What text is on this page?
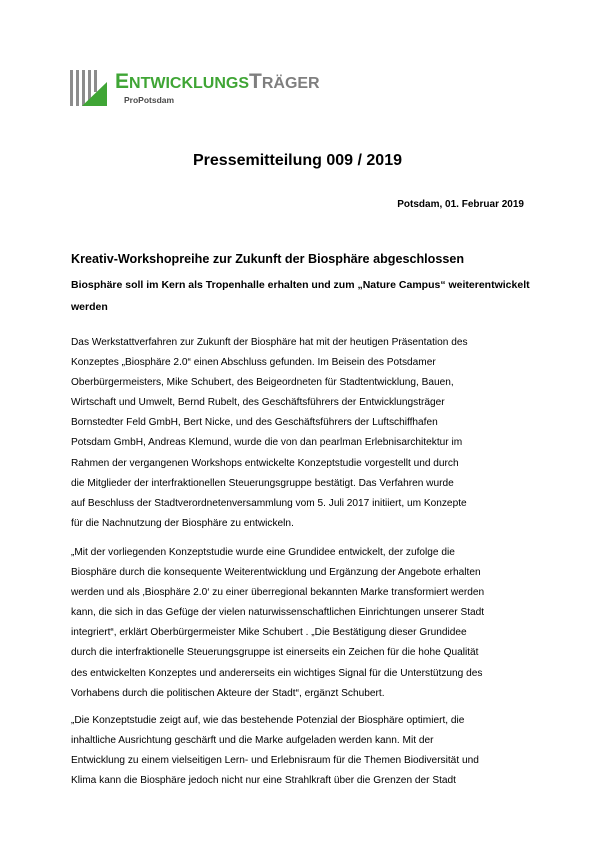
ENTWICKLUNGSTRÄGER
ProPotsdam
Pressemitteilung 009 / 2019
Potsdam, 01. Februar 2019
Kreativ-Workshopreihe zur Zukunft der Biosphäre abgeschlossen
Biosphäre soll im Kern als Tropenhalle erhalten und zum „Nature Campus“ weiterentwickelt werden

Das Werkstattverfahren zur Zukunft der Biosphäre hat mit der heutigen Präsentation des
Konzeptes „Biosphäre 2.0“ einen Abschluss gefunden. Im Beisein des Potsdamer
Oberbürgermeisters, Mike Schubert, des Beigeordneten für Stadtentwicklung, Bauen,
Wirtschaft und Umwelt, Bernd Rubelt, des Geschäftsführers der Entwicklungsträger
Bornstedter Feld GmbH, Bert Nicke, und des Geschäftsführers der Luftschiffhafen
Potsdam GmbH, Andreas Klemund, wurde die von dan pearlman Erlebnisarchitektur im
Rahmen der vergangenen Workshops entwickelte Konzeptstudie vorgestellt und durch
die Mitglieder der interfraktionellen Steuerungsgruppe bestätigt. Das Verfahren wurde
auf Beschluss der Stadtverordnetenversammlung vom 5. Juli 2017 initiiert, um Konzepte
für die Nachnutzung der Biosphäre zu entwickeln.

„Mit der vorliegenden Konzeptstudie wurde eine Grundidee entwickelt, der zufolge die
Biosphäre durch die konsequente Weiterentwicklung und Ergänzung der Angebote erhalten
werden und als ‚Biosphäre 2.0‘ zu einer überregional bekannten Marke transformiert werden
kann, die sich in das Gefüge der vielen naturwissenschaftlichen Einrichtungen unserer Stadt
integriert“, erklärt Oberbürgermeister Mike Schubert . „Die Bestätigung dieser Grundidee
durch die interfraktionelle Steuerungsgruppe ist einerseits ein Zeichen für die hohe Qualität
des entwickelten Konzeptes und andererseits ein wichtiges Signal für die Unterstützung des
Vorhabens durch die politischen Akteure der Stadt“, ergänzt Schubert.

„Die Konzeptstudie zeigt auf, wie das bestehende Potenzial der Biosphäre optimiert, die
inhaltliche Ausrichtung geschärft und die Marke aufgeladen werden kann. Mit der
Entwicklung zu einem vielseitigen Lern- und Erlebnisraum für die Themen Biodiversität und
Klima kann die Biosphäre jedoch nicht nur eine Strahlkraft über die Grenzen der Stadt
